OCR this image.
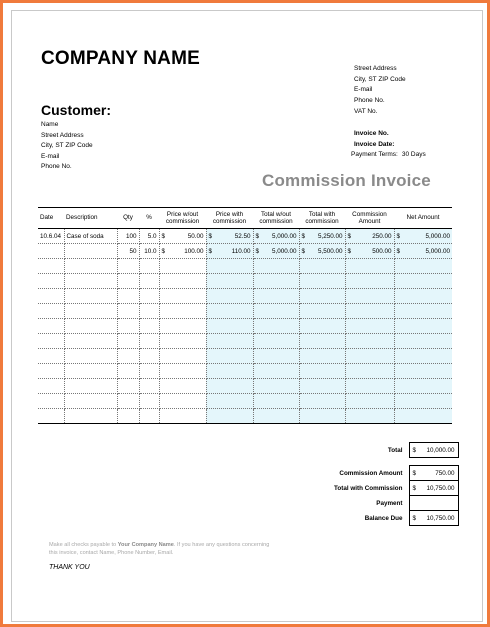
COMPANY NAME	Street Address
City, ST ZIP Code
E-mail
Phone No.
VAT No.
Customer:
Name
Street Address
City, ST ZIP Code
E-mail
Phone No.
Invoice No.
Invoice Date:
Payment Terms: 30 Days
Commission Invoice
Date	Description	Qty	%	Price w/out commission	Price with commission	Total w/out commission	Total with commission	Commission Amount	Net Amount

10.6.04	Case of soda	100	5.0	$ 50.00	$ 52.50	$ 5,000.00	$ 5,250.00	$ 250.00	$ 5,000.00

		50	10.0	$ 100.00	$ 110.00	$ 5,000.00	$ 5,500.00	$ 500.00	$ 5,000.00

Total	$ 10,000.00

Commission Amount	$ 750.00

Total with Commission	$ 10,750.00

Payment	
Balance Due	$ 10,750.00
Make all checks payable to Your Company Name. If you have any questions concerning this invoice, contact Name, Phone Number, Email.
THANK YOU
